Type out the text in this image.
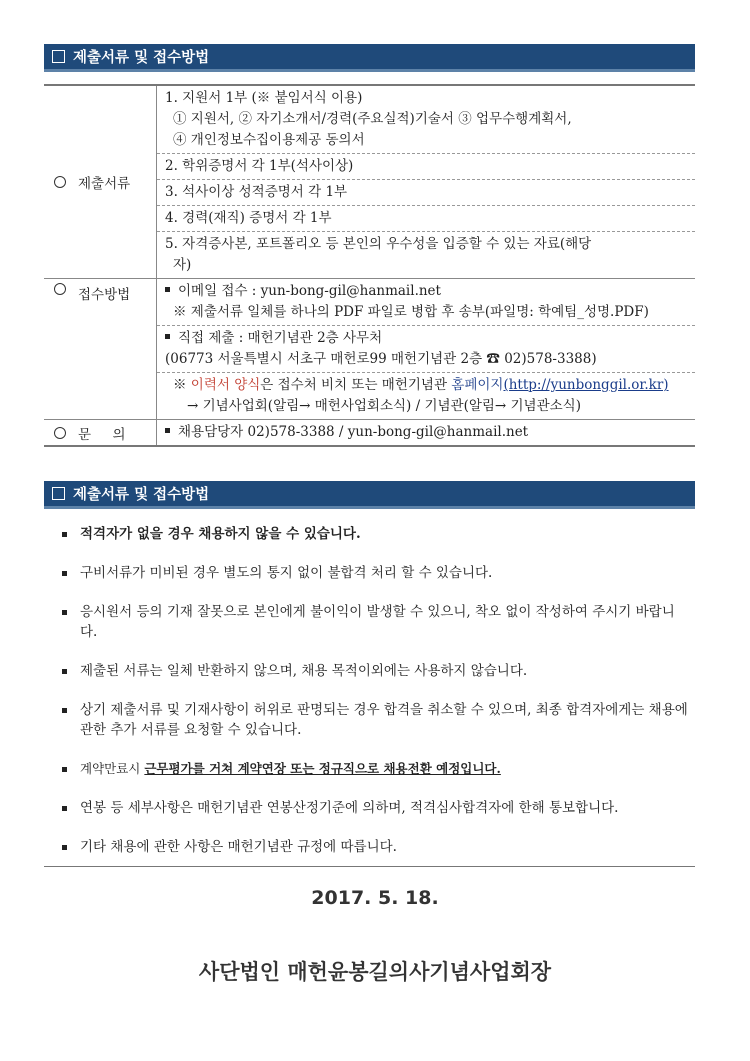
제출서류 및 접수방법
제출서류
1. 지원서 1부 (※ 붙임서식 이용)
① 지원서, ② 자기소개서/경력(주요실적)기술서 ③ 업무수행계획서,
④ 개인정보수집이용제공 동의서
2. 학위증명서 각 1부(석사이상)
3. 석사이상 성적증명서 각 1부
4. 경력(재직) 증명서 각 1부
5. 자격증사본, 포트폴리오 등 본인의 우수성을 입증할 수 있는 자료(해당
자)
접수방법	이메일 접수 : yun-bong-gil@hanmail.net
※ 제출서류 일체를 하나의 PDF 파일로 병합 후 송부(파일명: 학예팀_성명.PDF)
직접 제출 : 매헌기념관 2층 사무처
(06773 서울특별시 서초구 매헌로99 매헌기념관 2층 ☎ 02)578-3388)
※ 이력서 양식은 접수처 비치 또는 매헌기념관 홈페이지(http://yunbonggil.or.kr)
→ 기념사업회(알림→ 매헌사업회소식) / 기념관(알림→ 기념관소식)
문     의	채용담당자 02)578-3388 / yun-bong-gil@hanmail.net
제출서류 및 접수방법
적격자가 없을 경우 채용하지 않을 수 있습니다.
구비서류가 미비된 경우 별도의 통지 없이 불합격 처리 할 수 있습니다.
응시원서 등의 기재 잘못으로 본인에게 불이익이 발생할 수 있으니, 착오 없이 작성하여 주시기 바랍니다.
제출된 서류는 일체 반환하지 않으며, 채용 목적이외에는 사용하지 않습니다.
상기 제출서류 및 기재사항이 허위로 판명되는 경우 합격을 취소할 수 있으며, 최종 합격자에게는 채용에 관한 추가 서류를 요청할 수 있습니다.
계약만료시 근무평가를 거쳐 계약연장 또는 정규직으로 채용전환 예정입니다.
연봉 등 세부사항은 매헌기념관 연봉산정기준에 의하며, 적격심사합격자에 한해 통보합니다.
기타 채용에 관한 사항은 매헌기념관 규정에 따릅니다.
2017. 5. 18.
사단법인 매헌윤봉길의사기념사업회장
